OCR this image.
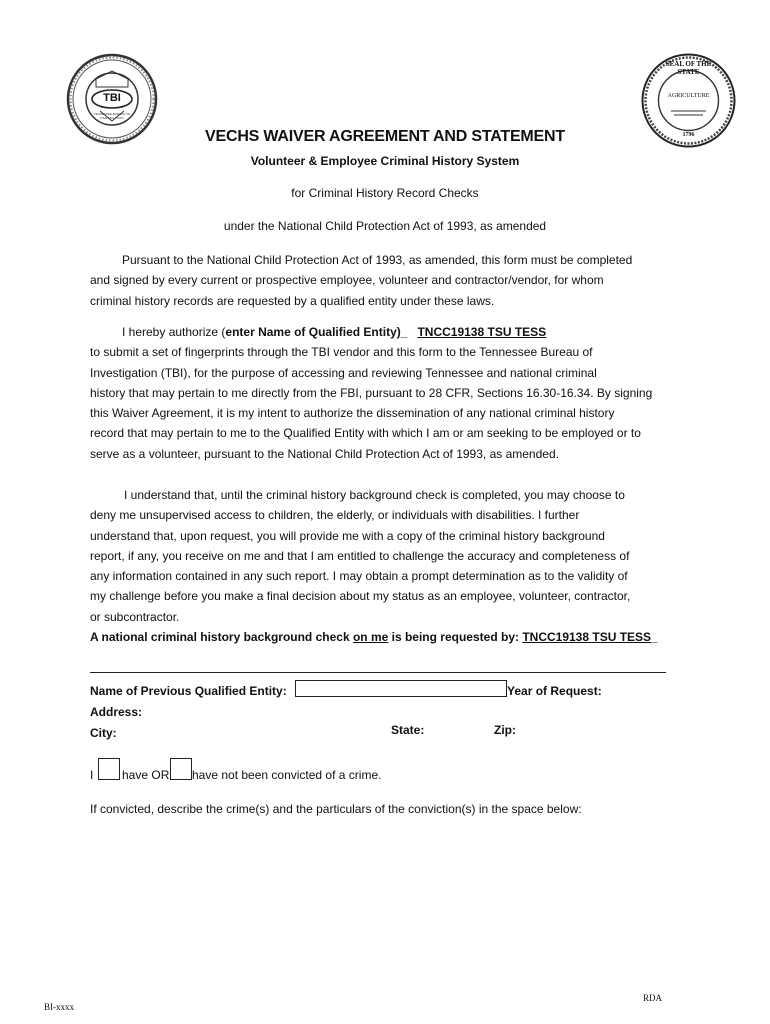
TBI
TENNESSEE BUREAU OF INVESTIGATION
SEAL OF THE STATE
AGRICULTURE
1796
VECHS WAIVER AGREEMENT AND STATEMENT
Volunteer & Employee Criminal History System
for Criminal History Record Checks
under the National Child Protection Act of 1993, as amended

Pursuant to the National Child Protection Act of 1993, as amended, this form must be completed

and signed by every current or prospective employee, volunteer and contractor/vendor, for whom

criminal history records are requested by a qualified entity under these laws.

I hereby authorize (enter Name of Qualified Entity)_ TNCC19138 TSU TESS

to submit a set of fingerprints through the TBI vendor and this form to the Tennessee Bureau of

Investigation (TBI), for the purpose of accessing and reviewing Tennessee and national criminal

history that may pertain to me directly from the FBI, pursuant to 28 CFR, Sections 16.30-16.34. By signing

this Waiver Agreement, it is my intent to authorize the dissemination of any national criminal history

record that may pertain to me to the Qualified Entity with which I am or am seeking to be employed or to

serve as a volunteer, pursuant to the National Child Protection Act of 1993, as amended.

I understand that, until the criminal history background check is completed, you may choose to

deny me unsupervised access to children, the elderly, or individuals with disabilities. I further

understand that, upon request, you will provide me with a copy of the criminal history background

report, if any, you receive on me and that I am entitled to challenge the accuracy and completeness of

any information contained in any such report. I may obtain a prompt determination as to the validity of

my challenge before you make a final decision about my status as an employee, volunteer, contractor,

or subcontractor.

A national criminal history background check on me is being requested by: TNCC19138 TSU TESS_

Name of Previous Qualified Entity:	Year of Request:
Address:
City:	State:	Zip:
I have OR have not been convicted of a crime.
If convicted, describe the crime(s) and the particulars of the conviction(s) in the space below:
BI-xxxx
RDA
